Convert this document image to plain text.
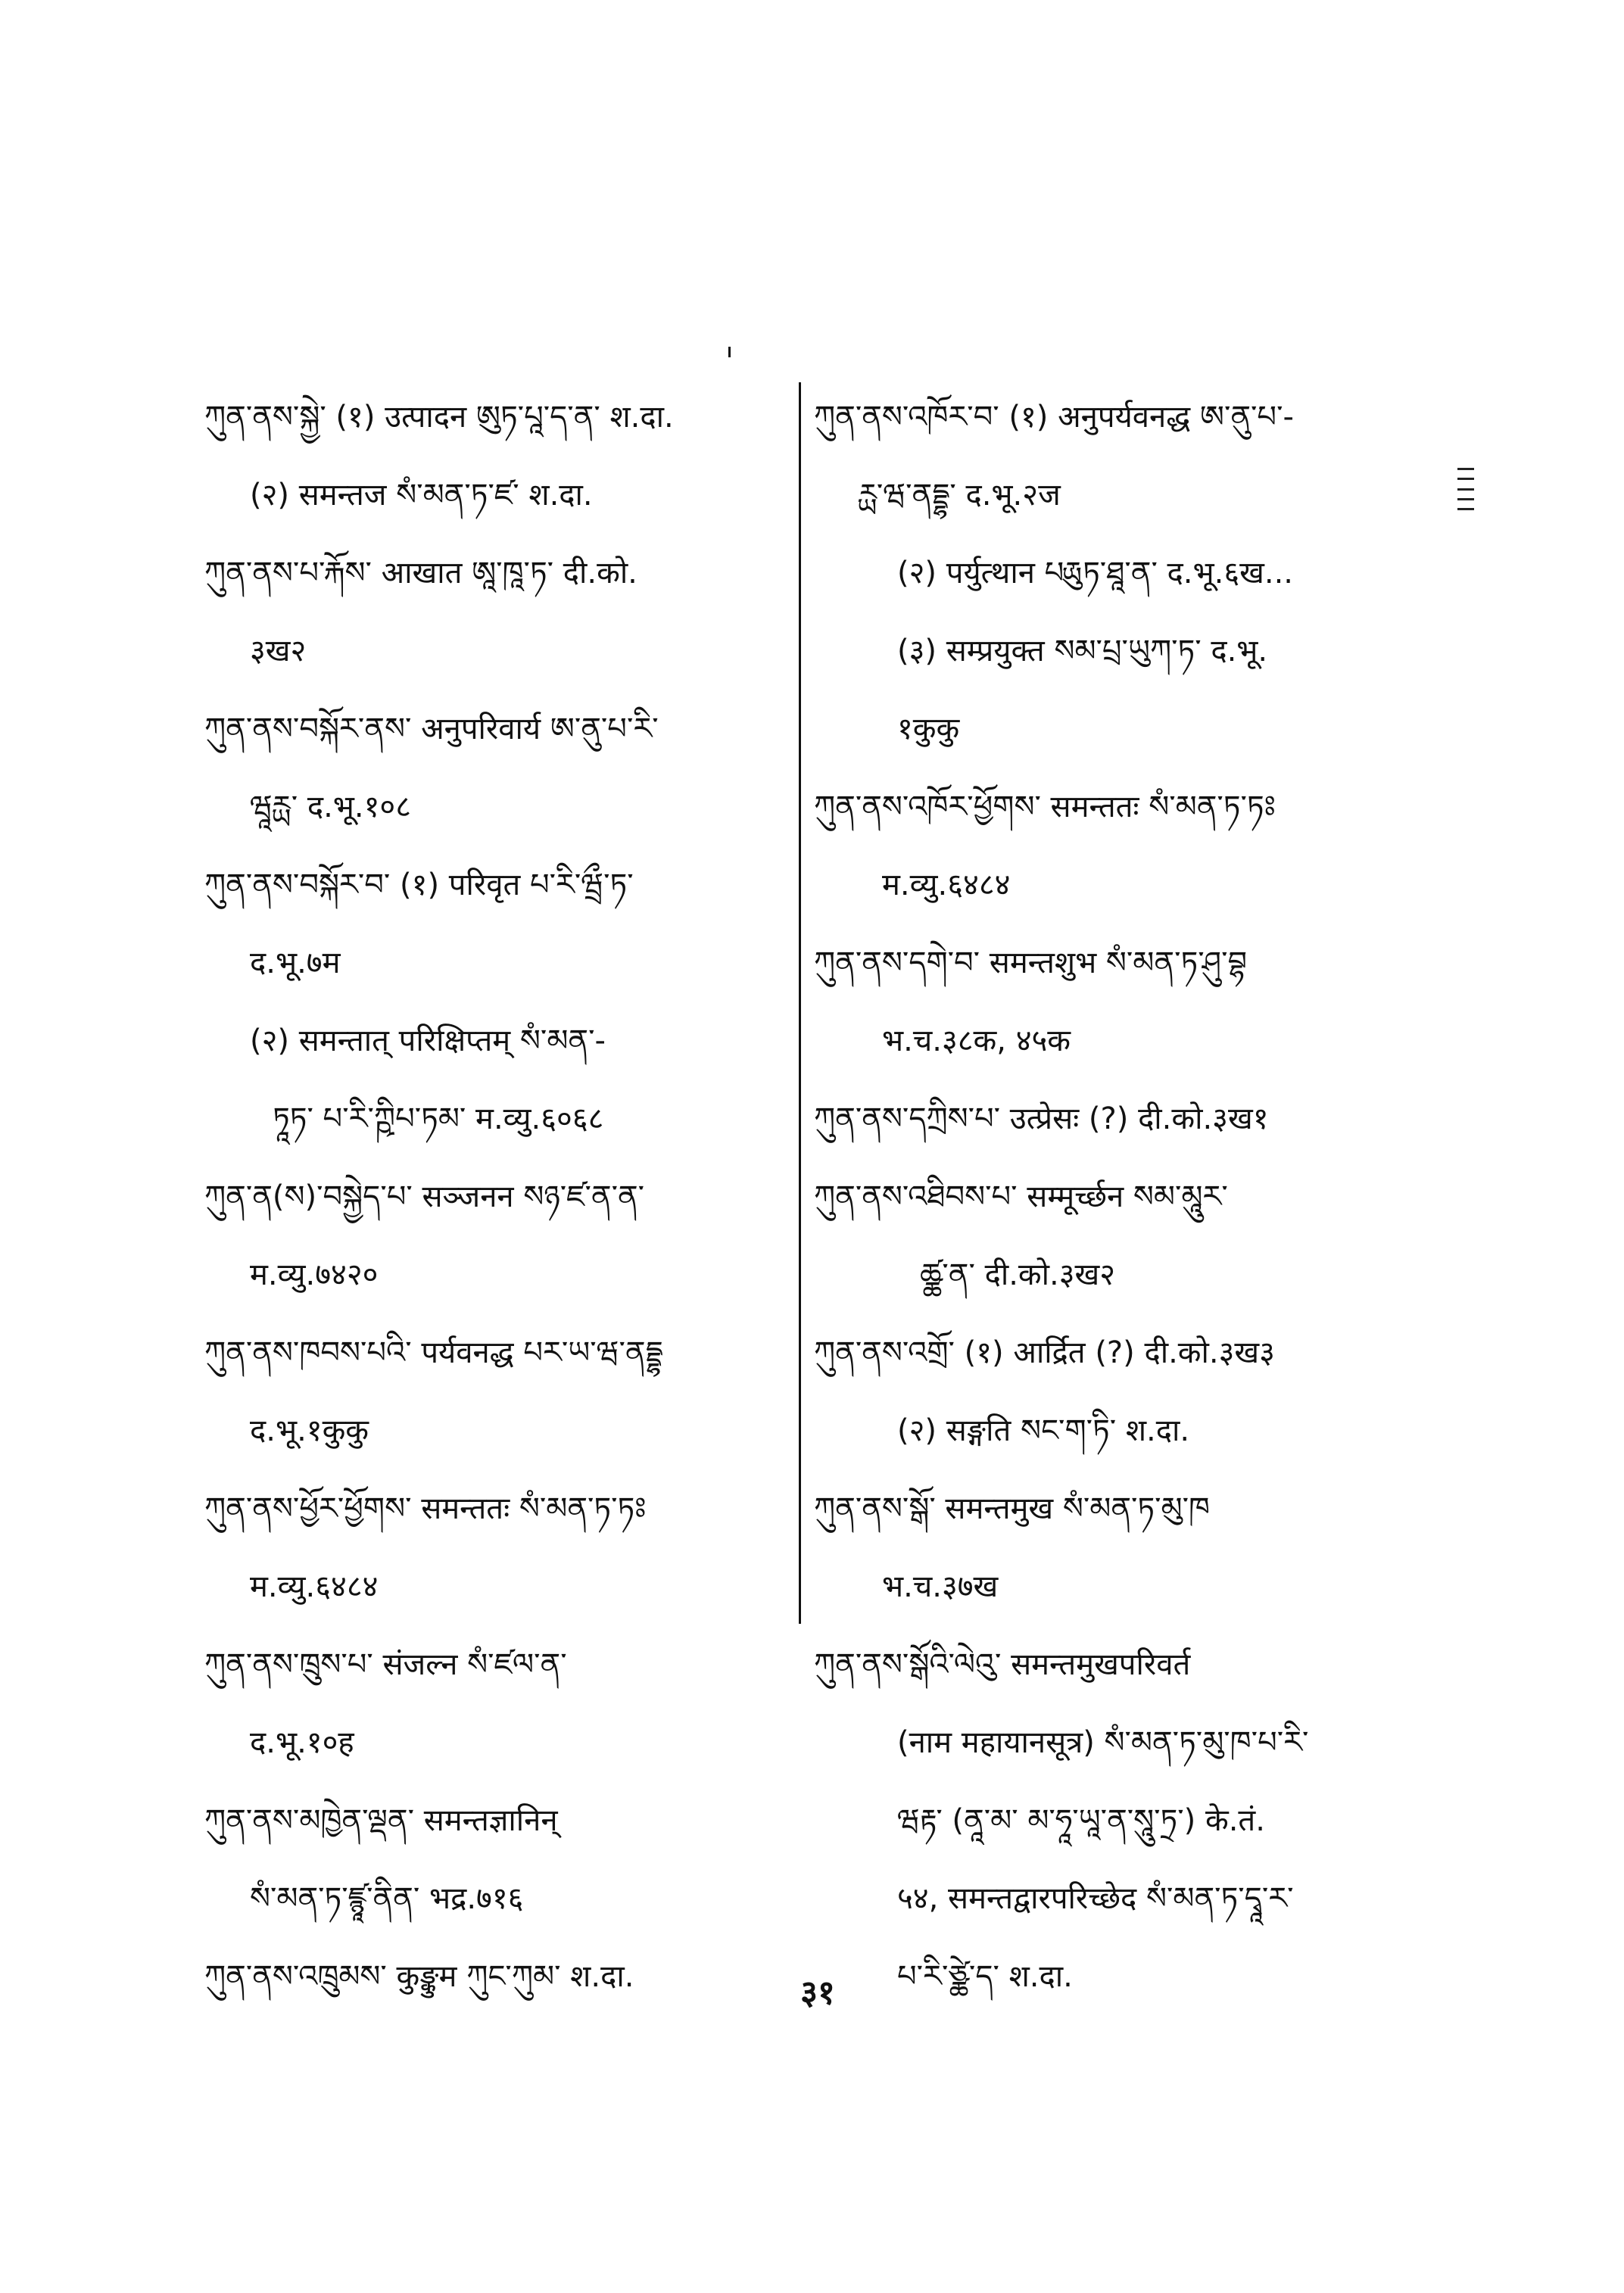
ཀུན་ནས་སྐྱེ་ (१) उत्पादन ཨུཏ་པཱ་ད་ན་ श.दा.
(२) समन्तज སཾ་མན་ཏ་ཛ་ श.दा.
ཀུན་ནས་པ་རྐོས་ आखात ཨཱ་ཁཱ་ཏ་ दी.को.
३ख२
ཀུན་ནས་བསྐོར་ནས་ अनुपरिवार्य ཨ་ནུ་པ་རི་
ཝཱརྻ་ द.भू.१०८
ཀུན་ནས་བསྐོར་བ་ (१) परिवृत པ་རི་ཝྲྀ་ཏ་
द.भू.७म
(२) समन्तात् परिक्षिप्तम् སཾ་མན་-
ཏཱཏ་ པ་རི་ཀྵིཔ་ཏམ་ म.व्यु.६०६८
ཀུན་ན(ས)་བསྐྱེད་པ་ सञ्जनन སཉ་ཛ་ན་ན་
म.व्यु.७४२०
ཀུན་ནས་ཁབས་པའི་ पर्यवनद्ध པར་ཡ་ཝ་ནདྡྷ
द.भू.१कुकु
ཀུན་ནས་ཕྱོར་ཕྱོགས་ समन्ततः སཾ་མན་ཏ་ཏཿ
म.व्यु.६४८४
ཀུན་ནས་ཁྲུས་པ་ संजल्न སཾ་ཛལ་ན་
द.भू.१०ह
ཀུན་ནས་མཁྱེན་ལྡན་ समन्तज्ञानिन्
སཾ་མན་ཏ་ཛྙཱ་ནིན་ भद्र.७१६
ཀུན་ནས་འཁྲུམས་ कुङ्कुम ཀུང་ཀུམ་ श.दा.
ཀུན་ནས་འཁོར་བ་ (१) अनुपर्यवनद्ध ཨ་ནུ་པ་-
ཪྻ་ཝ་ནདྡྷ་ द.भू.२ज
(२) पर्युत्थान པརྻུཏ་ཐཱ་ན་ द.भू.६ख...
(३) सम्प्रयुक्त སམ་པྲ་ཡུཀ་ཏ་ द.भू.
१कुकु
ཀུན་ནས་འཁོར་ཕྱོགས་ समन्ततः སཾ་མན་ཏ་ཏཿ
म.व्यु.६४८४
ཀུན་ནས་དགེ་བ་ समन्तशुभ སཾ་མན་ཏ་ཤུ་བྷ
भ.च.३८क, ४५क
ཀུན་ནས་དཀྲིས་པ་ उत्प्रेसः (?) दी.को.३ख१
ཀུན་ནས་འཐིབས་པ་ सम्मूर्च्छन སམ་མཱུར་
ཚྪ་ན་ दी.को.३ख२
ཀུན་ནས་འགྲོ་ (१) आर्द्रित (?) दी.को.३ख३
(२) सङ्गति སང་ག་ཏི་ श.दा.
ཀུན་ནས་སྒོ་ समन्तमुख སཾ་མན་ཏ་མུ་ཁ
भ.च.३७ख
ཀུན་ནས་སྒོའི་ལེའུ་ समन्तमुखपरिवर्त
(नाम महायानसूत्र) སཾ་མན་ཏ་མུ་ཁ་པ་རི་
ཝརྟ་ (ནཱ་མ་ མ་ཧཱ་ཡཱ་ན་སཱུ་ཏྲ་) के.तं.
५४, समन्तद्वारपरिच्छेद སཾ་མན་ཏ་དྭཱ་ར་
པ་རི་ཙྪེ་ད་ श.दा.
३१
